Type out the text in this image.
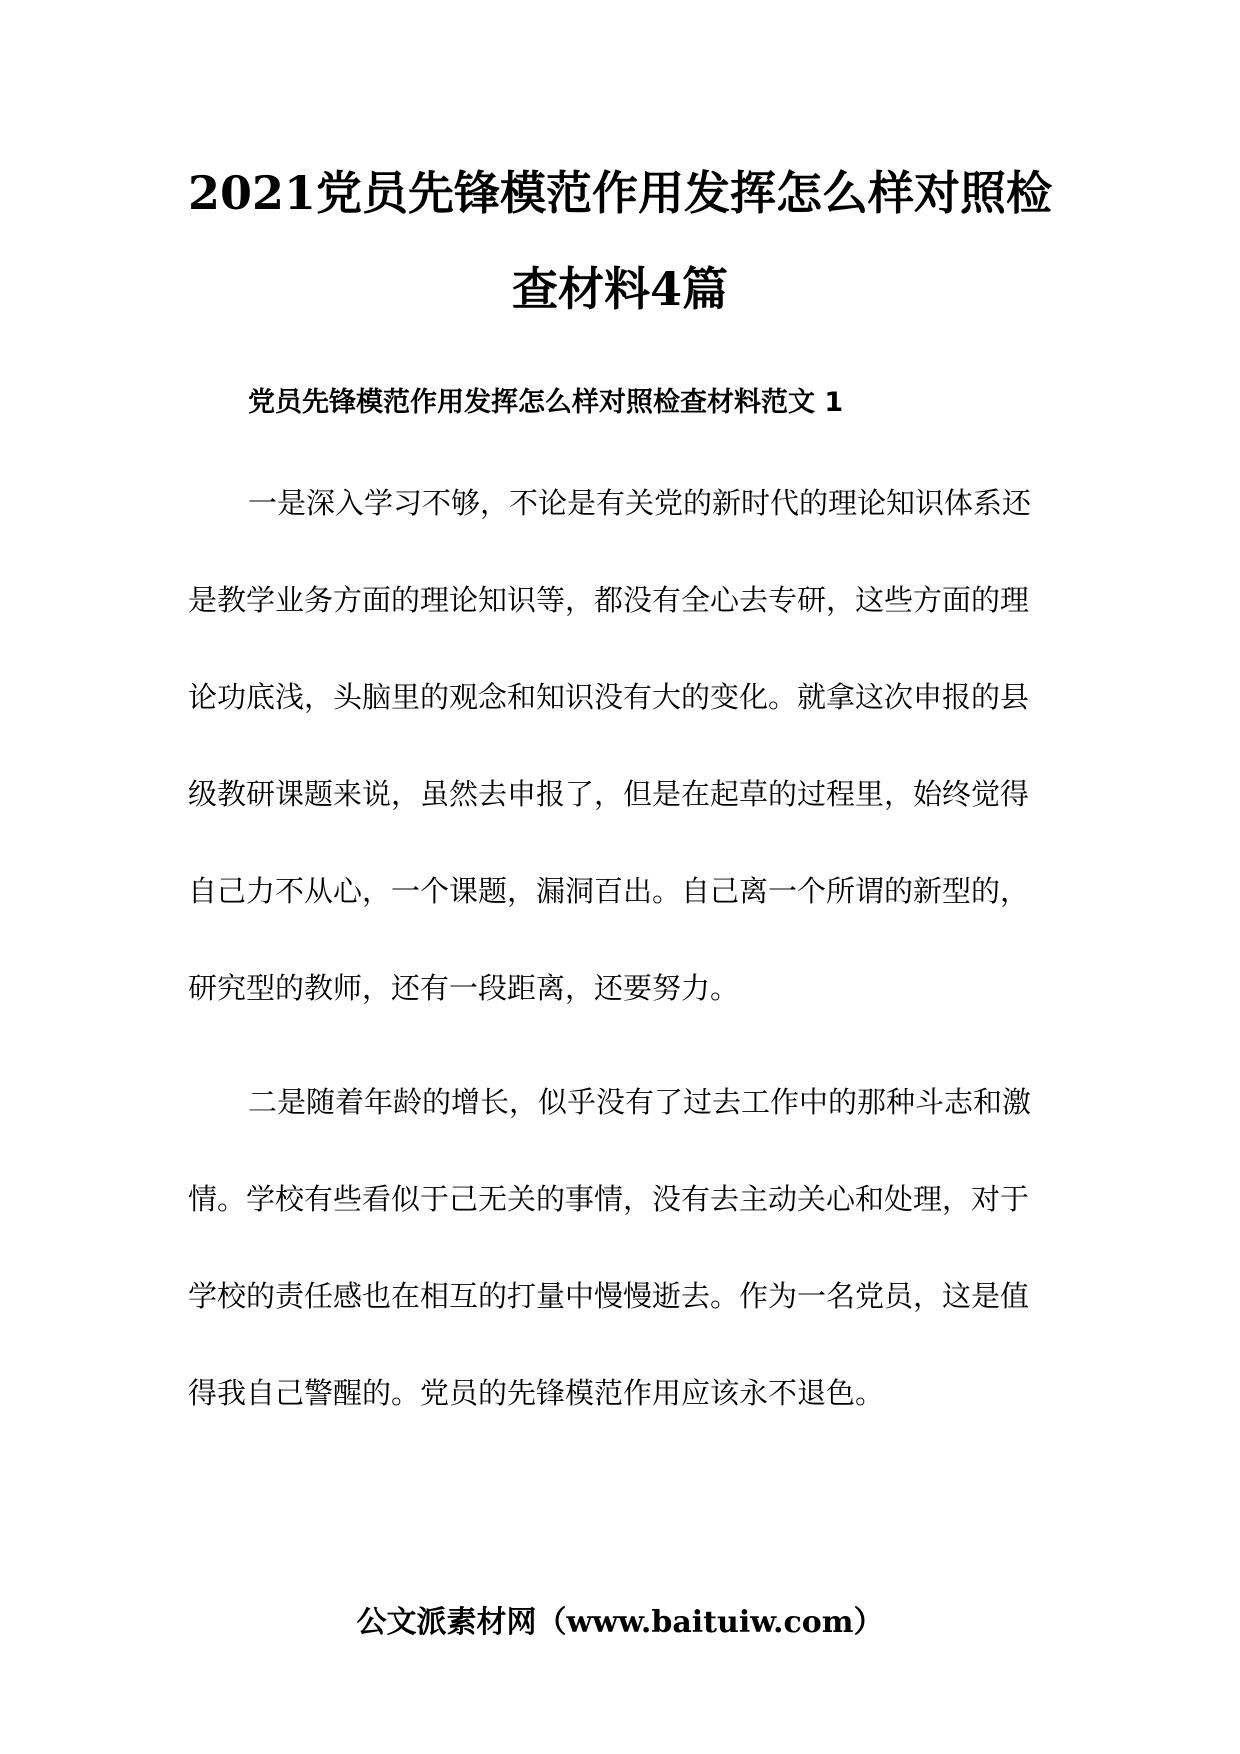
2021党员先锋模范作用发挥怎么样对照检
查材料4篇
党员先锋模范作用发挥怎么样对照检查材料范文 1
一是深入学习不够，不论是有关党的新时代的理论知识体系还
是教学业务方面的理论知识等，都没有全心去专研，这些方面的理
论功底浅，头脑里的观念和知识没有大的变化。就拿这次申报的县
级教研课题来说，虽然去申报了，但是在起草的过程里，始终觉得
自己力不从心，一个课题，漏洞百出。自己离一个所谓的新型的，
研究型的教师，还有一段距离，还要努力。
二是随着年龄的增长，似乎没有了过去工作中的那种斗志和激
情。学校有些看似于己无关的事情，没有去主动关心和处理，对于
学校的责任感也在相互的打量中慢慢逝去。作为一名党员，这是值
得我自己警醒的。党员的先锋模范作用应该永不退色。
公文派素材网（www.baituiw.com）
